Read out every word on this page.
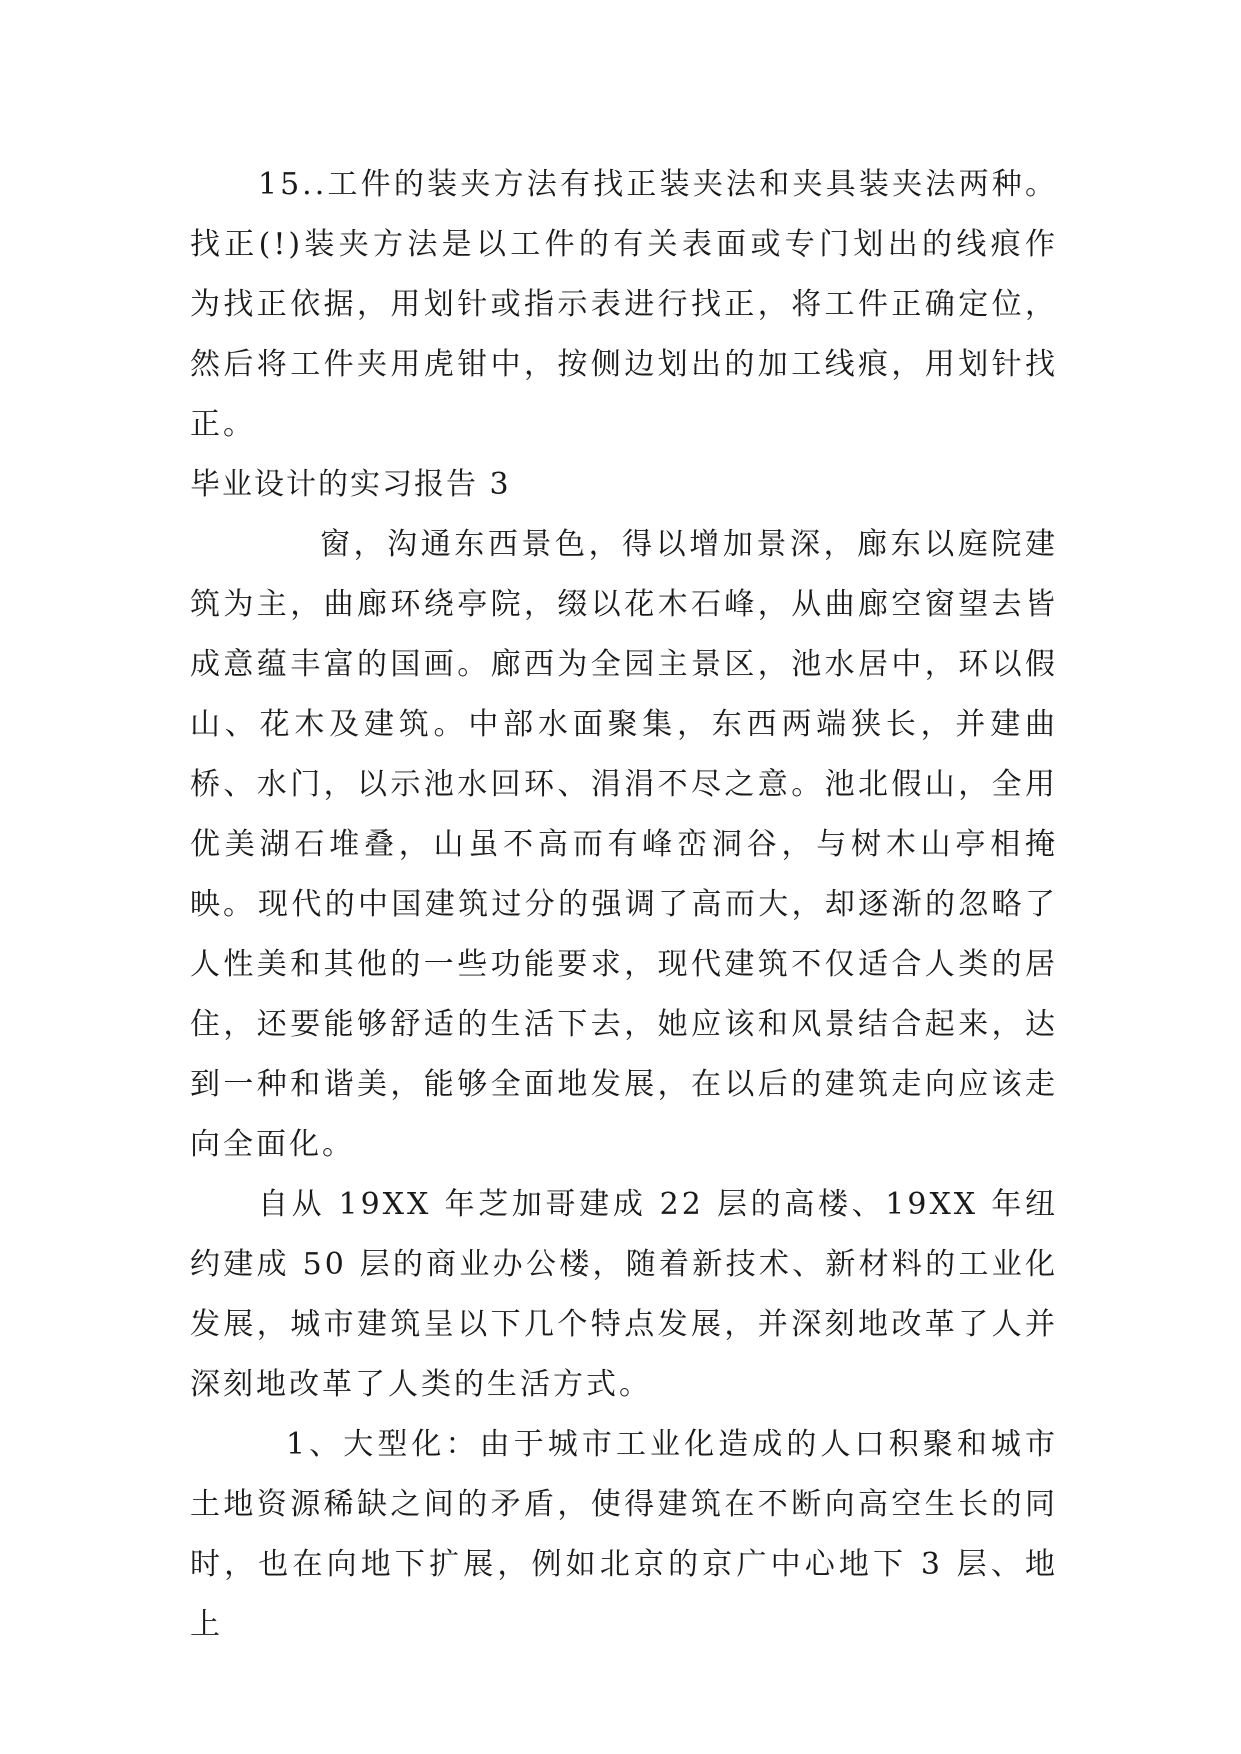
15..工件的装夹方法有找正装夹法和夹具装夹法两种。找正(!)装夹方法是以工件的有关表面或专门划出的线痕作为找正依据，用划针或指示表进行找正，将工件正确定位，然后将工件夹用虎钳中，按侧边划出的加工线痕，用划针找正。

毕业设计的实习报告 3

窗，沟通东西景色，得以增加景深，廊东以庭院建筑为主，曲廊环绕亭院，缀以花木石峰，从曲廊空窗望去皆成意蕴丰富的国画。廊西为全园主景区，池水居中，环以假山、花木及建筑。中部水面聚集，东西两端狭长，并建曲桥、水门，以示池水回环、涓涓不尽之意。池北假山，全用优美湖石堆叠，山虽不高而有峰峦洞谷，与树木山亭相掩映。 现代的中国建筑过分的强调了高而大，却逐渐的忽略了人性美和其他的一些功能要求，现代建筑不仅适合人类的居住，还要能够舒适的生活下去，她应该和风景结合起来，达到一种和谐美，能够全面地发展，在以后的建筑走向应该走向全面化。

自从 19XX 年芝加哥建成 22 层的高楼、19XX 年纽约建成 50 层的商业办公楼，随着新技术、新材料的工业化发展，城市建筑呈以下几个特点发展，并深刻地改革了人并深刻地改革了人类的生活方式。

1、大型化：由于城市工业化造成的人口积聚和城市土地资源稀缺之间的矛盾，使得建筑在不断向高空生长的同时，也在向地下扩展，例如北京的京广中心地下 3 层、地上
